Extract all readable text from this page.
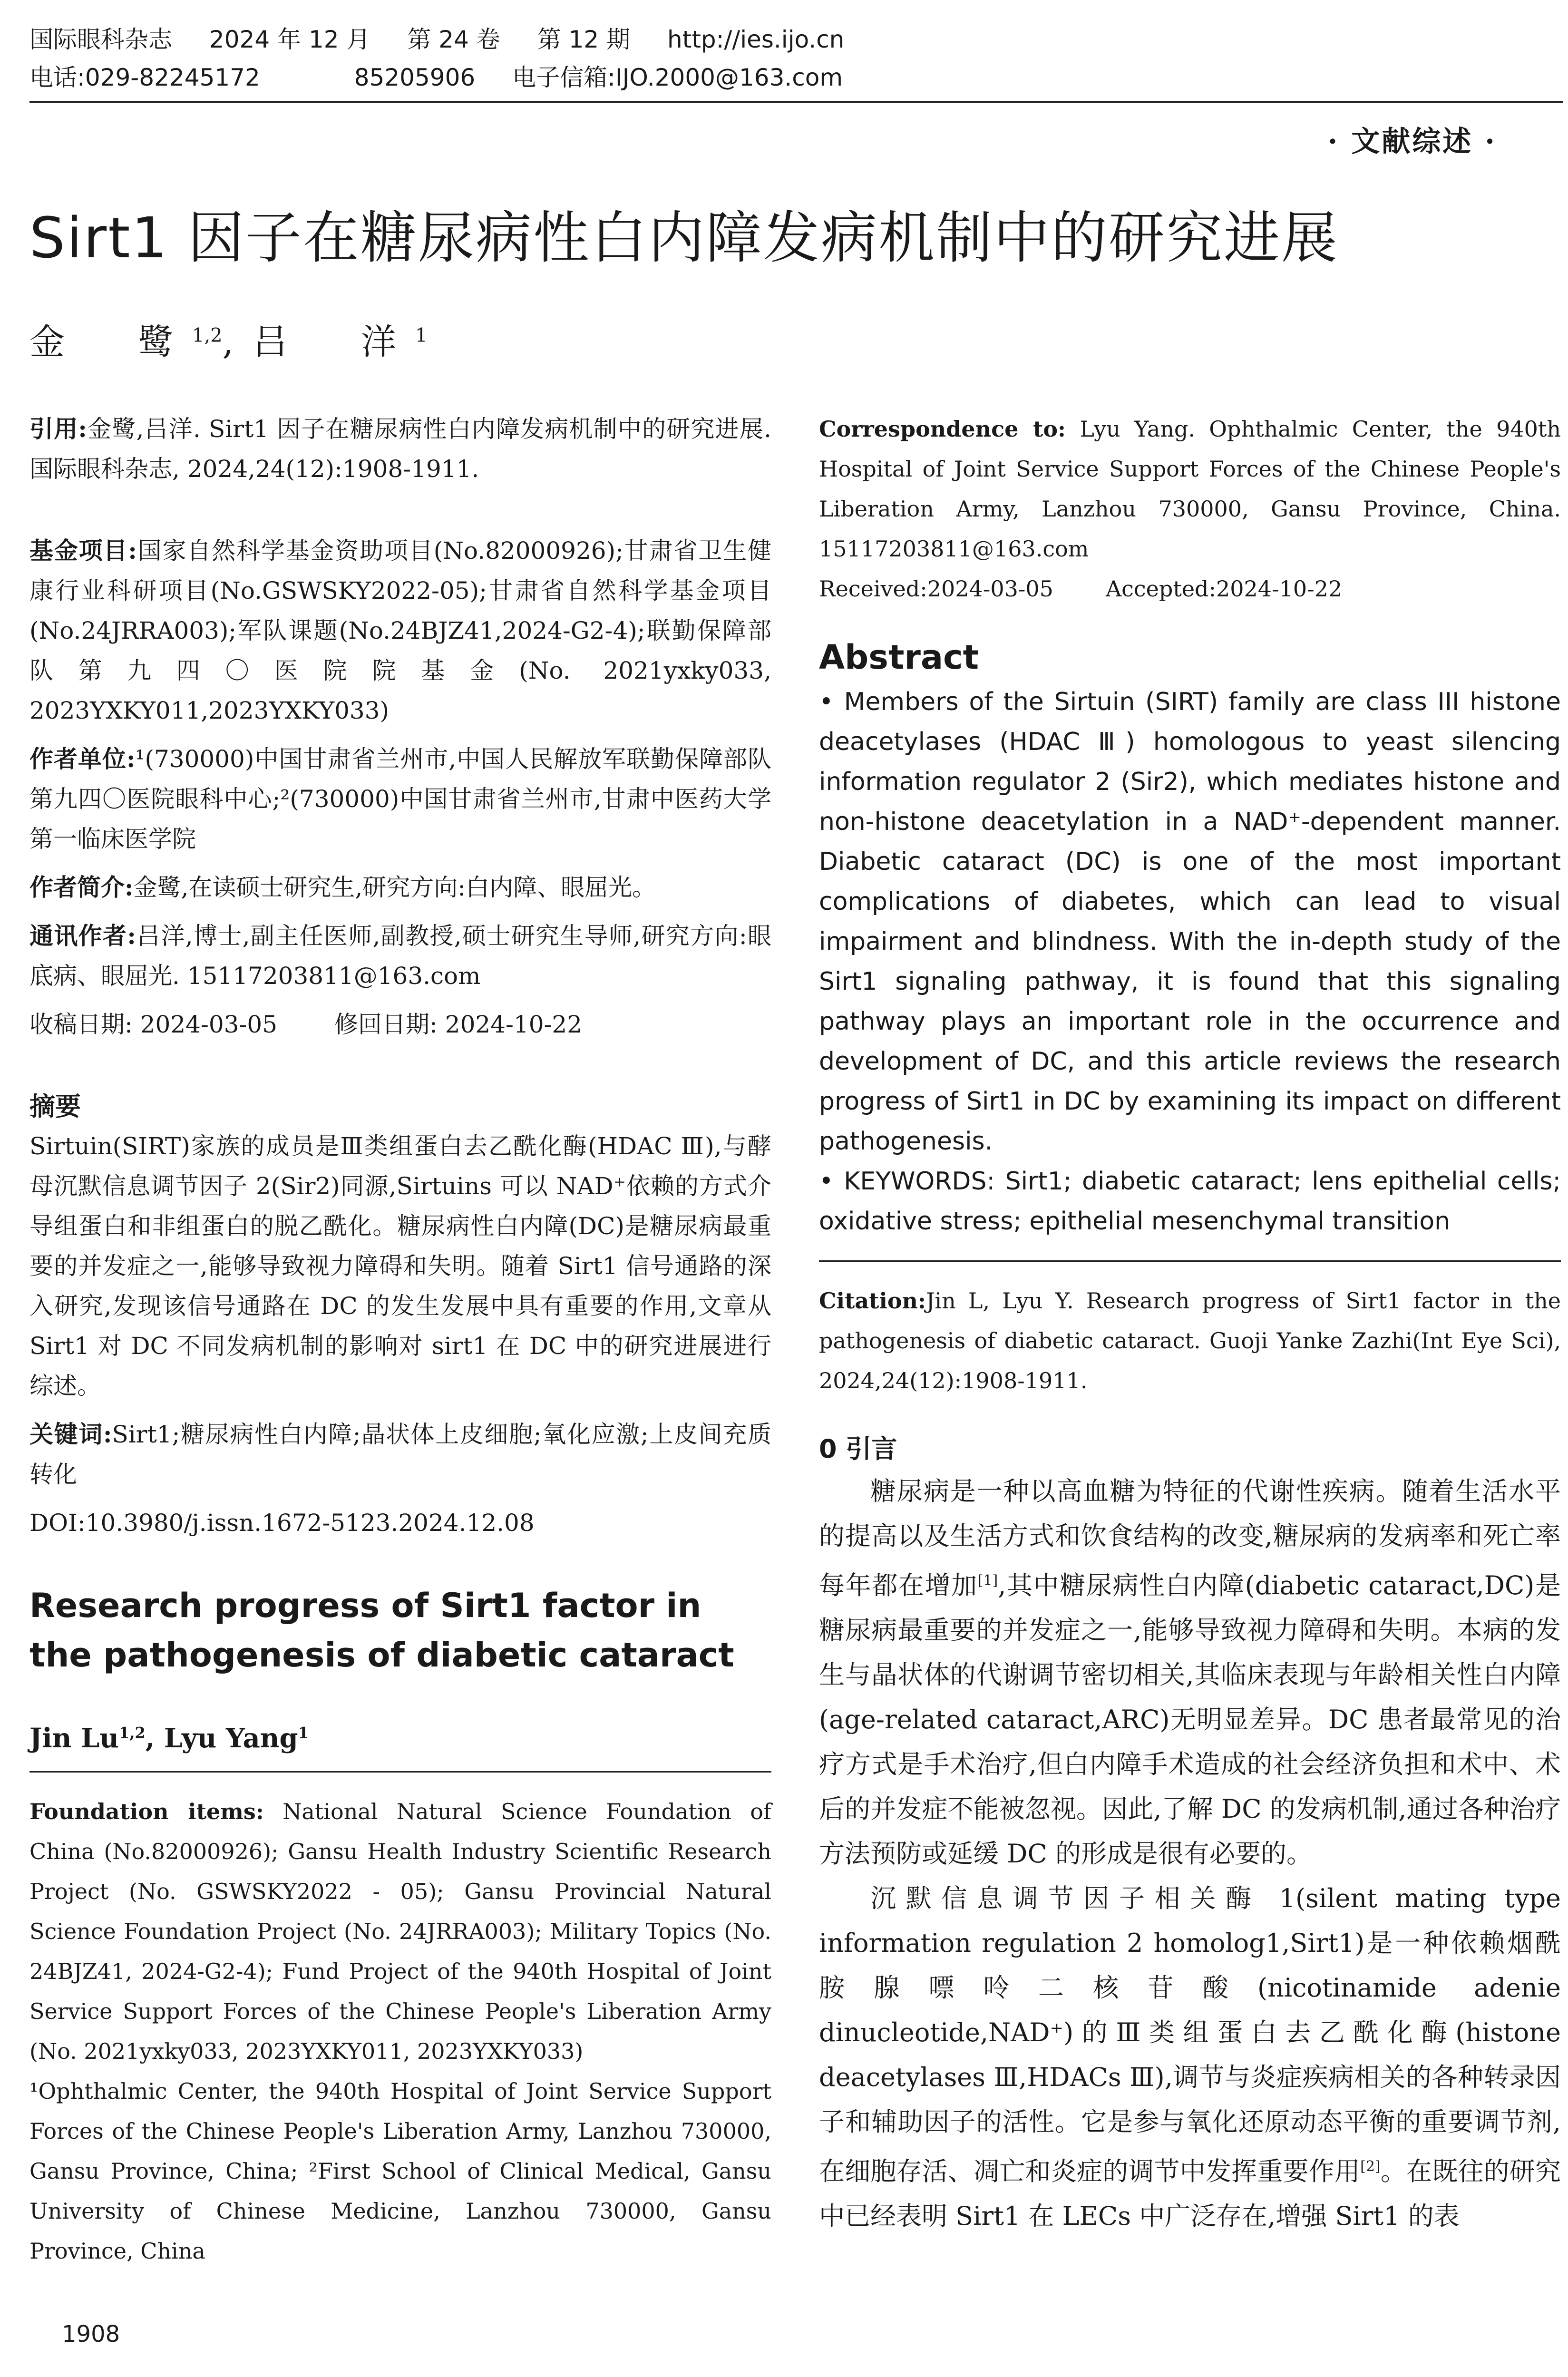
国际眼科杂志 2024 年 12 月 第 24 卷 第 12 期 http://ies.ijo.cn
电话:029-82245172	85205906 电子信箱:IJO.2000@163.com
· 文献综述 ·
Sirt1 因子在糖尿病性白内障发病机制中的研究进展
金　鹭$^{1,2}$,吕　洋$^1$
引用:金鹭,吕洋. Sirt1 因子在糖尿病性白内障发病机制中的研究进展. 国际眼科杂志, 2024,24(12):1908-1911.
基金项目:国家自然科学基金资助项目(No.82000926);甘肃省卫生健康行业科研项目(No.GSWSKY2022-05);甘肃省自然科学基金项目(No.24JRRA003);军队课题(No.24BJZ41,2024-G2-4);联勤保障部队第九四〇医院院基金(No. 2021yxky033, 2023YXKY011,2023YXKY033)
作者单位:¹(730000)中国甘肃省兰州市,中国人民解放军联勤保障部队第九四〇医院眼科中心;²(730000)中国甘肃省兰州市,甘肃中医药大学第一临床医学院
作者简介:金鹭,在读硕士研究生,研究方向:白内障、眼屈光。
通讯作者:吕洋,博士,副主任医师,副教授,硕士研究生导师,研究方向:眼底病、眼屈光. 15117203811@163.com
收稿日期: 2024-03-05 修回日期: 2024-10-22
摘要
Sirtuin(SIRT)家族的成员是Ⅲ类组蛋白去乙酰化酶(HDAC Ⅲ),与酵母沉默信息调节因子 2(Sir2)同源,Sirtuins 可以 NAD⁺依赖的方式介导组蛋白和非组蛋白的脱乙酰化。糖尿病性白内障(DC)是糖尿病最重要的并发症之一,能够导致视力障碍和失明。随着 Sirt1 信号通路的深入研究,发现该信号通路在 DC 的发生发展中具有重要的作用,文章从 Sirt1 对 DC 不同发病机制的影响对 sirt1 在 DC 中的研究进展进行综述。
关键词:Sirt1;糖尿病性白内障;晶状体上皮细胞;氧化应激;上皮间充质转化
DOI:10.3980/j.issn.1672-5123.2024.12.08
Research progress of Sirt1 factor in the pathogenesis of diabetic cataract
Jin Lu$^{1,2}$, Lyu Yang$^1$
Foundation items: National Natural Science Foundation of China (No.82000926); Gansu Health Industry Scientific Research Project (No. GSWSKY2022 - 05); Gansu Provincial Natural Science Foundation Project (No. 24JRRA003); Military Topics (No. 24BJZ41, 2024-G2-4); Fund Project of the 940th Hospital of Joint Service Support Forces of the Chinese People's Liberation Army (No. 2021yxky033, 2023YXKY011, 2023YXKY033)
¹Ophthalmic Center, the 940th Hospital of Joint Service Support Forces of the Chinese People's Liberation Army, Lanzhou 730000, Gansu Province, China; ²First School of Clinical Medical, Gansu University of Chinese Medicine, Lanzhou 730000, Gansu Province, China
Correspondence to: Lyu Yang. Ophthalmic Center, the 940th Hospital of Joint Service Support Forces of the Chinese People's Liberation Army, Lanzhou 730000, Gansu Province, China. 15117203811@163.com
Received:2024-03-05 Accepted:2024-10-22
Abstract
• Members of the Sirtuin (SIRT) family are class III histone deacetylases (HDAC Ⅲ) homologous to yeast silencing information regulator 2 (Sir2), which mediates histone and non-histone deacetylation in a NAD⁺-dependent manner. Diabetic cataract (DC) is one of the most important complications of diabetes, which can lead to visual impairment and blindness. With the in-depth study of the Sirt1 signaling pathway, it is found that this signaling pathway plays an important role in the occurrence and development of DC, and this article reviews the research progress of Sirt1 in DC by examining its impact on different pathogenesis.
• KEYWORDS: Sirt1; diabetic cataract; lens epithelial cells; oxidative stress; epithelial mesenchymal transition
Citation:Jin L, Lyu Y. Research progress of Sirt1 factor in the pathogenesis of diabetic cataract. Guoji Yanke Zazhi(Int Eye Sci), 2024,24(12):1908-1911.
0 引言
糖尿病是一种以高血糖为特征的代谢性疾病。随着生活水平的提高以及生活方式和饮食结构的改变,糖尿病的发病率和死亡率每年都在增加[1],其中糖尿病性白内障(diabetic cataract,DC)是糖尿病最重要的并发症之一,能够导致视力障碍和失明。本病的发生与晶状体的代谢调节密切相关,其临床表现与年龄相关性白内障(age-related cataract,ARC)无明显差异。DC 患者最常见的治疗方式是手术治疗,但白内障手术造成的社会经济负担和术中、术后的并发症不能被忽视。因此,了解 DC 的发病机制,通过各种治疗方法预防或延缓 DC 的形成是很有必要的。
沉默信息调节因子相关酶 1(silent mating type information regulation 2 homolog1,Sirt1)是一种依赖烟酰胺腺嘌呤二核苷酸(nicotinamide adenie dinucleotide,NAD⁺)的Ⅲ类组蛋白去乙酰化酶(histone deacetylases Ⅲ,HDACs Ⅲ),调节与炎症疾病相关的各种转录因子和辅助因子的活性。它是参与氧化还原动态平衡的重要调节剂,在细胞存活、凋亡和炎症的调节中发挥重要作用[2]。在既往的研究中已经表明 Sirt1 在 LECs 中广泛存在,增强 Sirt1 的表
1908
